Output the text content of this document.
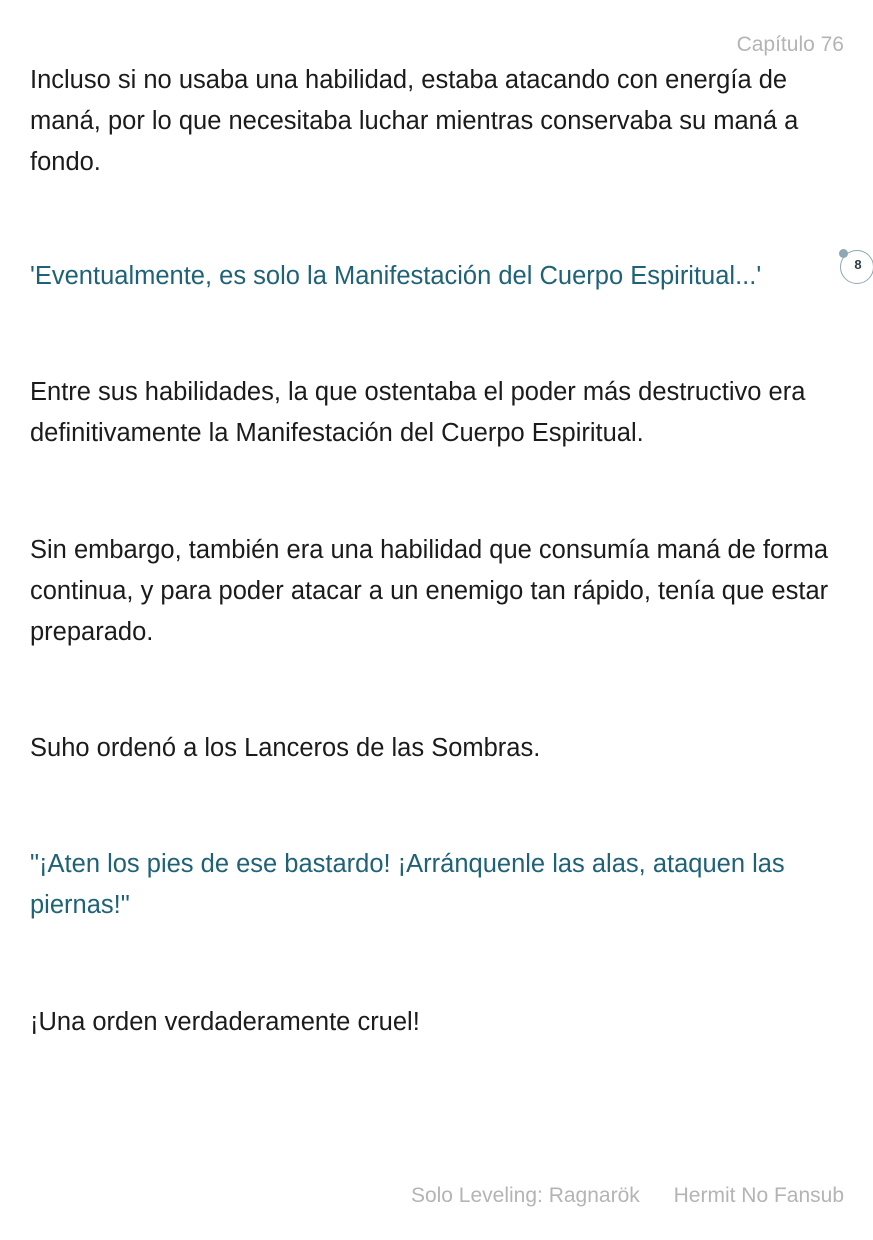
Capítulo 76

Incluso si no usaba una habilidad, estaba atacando con energía de maná, por lo que necesitaba luchar mientras conservaba su maná a fondo.

'Eventualmente, es solo la Manifestación del Cuerpo Espiritual...'

Entre sus habilidades, la que ostentaba el poder más destructivo era definitivamente la Manifestación del Cuerpo Espiritual.

Sin embargo, también era una habilidad que consumía maná de forma continua, y para poder atacar a un enemigo tan rápido, tenía que estar preparado.

Suho ordenó a los Lanceros de las Sombras.

"¡Aten los pies de ese bastardo! ¡Arránquenle las alas, ataquen las piernas!"

¡Una orden verdaderamente cruel!

8
Solo Leveling: Ragnarök Hermit No Fansub
